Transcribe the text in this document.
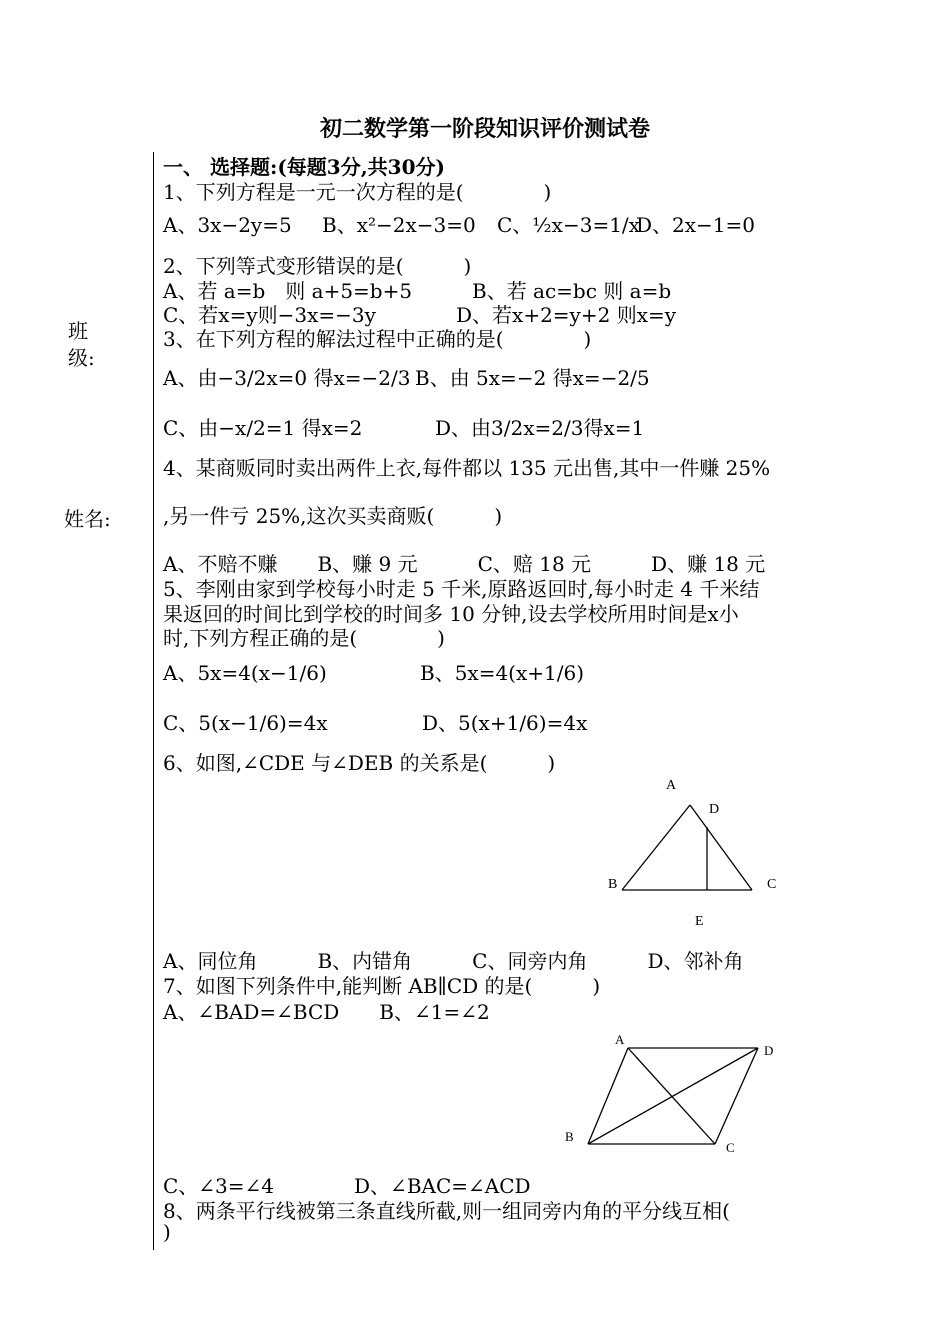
初二数学第一阶段知识评价测试卷
班
级:
姓名:
一、 选择题:(每题3分,共30分)
1、下列方程是一元一次方程的是(　　　　)
A、3x−2y=5 B、x²−2x−3=0 C、½x−3=1/x
D、2x−1=0
2、下列等式变形错误的是(　　　)
A、若 a=b　则 a+5=b+5	B、若 ac=bc 则 a=b
C、若x=y则−3x=−3y	D、若x+2=y+2 则x=y
3、在下列方程的解法过程中正确的是(　　　　)
A、由−3/2x=0 得x=−2/3 B、由 5x=−2 得x=−2/5
C、由−x/2=1 得x=2	D、由3/2x=2/3得x=1
4、某商贩同时卖出两件上衣,每件都以 135 元出售,其中一件赚 25%
,另一件亏 25%,这次买卖商贩(　　　)
A、不赔不赚　　B、赚 9 元　　　C、赔 18 元　　　D、赚 18 元
5、李刚由家到学校每小时走 5 千米,原路返回时,每小时走 4 千米结
果返回的时间比到学校的时间多 10 分钟,设去学校所用时间是x小
时,下列方程正确的是(　　　　)
A、5x=4(x−1/6)	B、5x=4(x+1/6)
C、5(x−1/6)=4x	D、5(x+1/6)=4x
6、如图,∠CDE 与∠DEB 的关系是(　　　)
A
D
B	C
E
A、同位角　　　B、内错角　　　C、同旁内角　　　D、邻补角
7、如图下列条件中,能判断 AB∥CD 的是(　　　)
A、∠BAD=∠BCD　　B、∠1=∠2
A
D
B
C
C、∠3=∠4　　　　D、∠BAC=∠ACD
8、两条平行线被第三条直线所截,则一组同旁内角的平分线互相(
)
